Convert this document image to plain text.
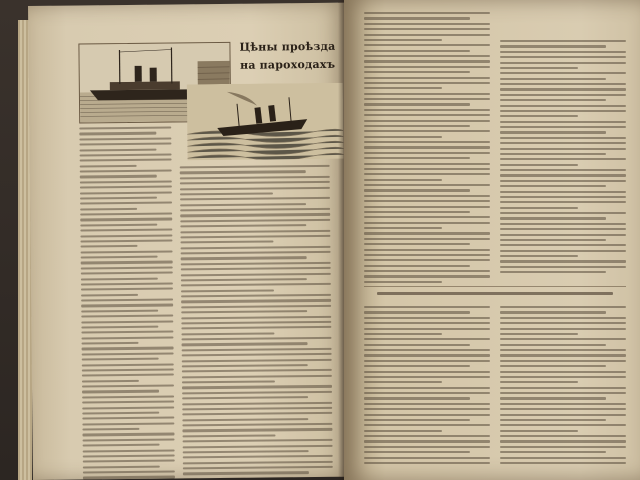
Цѣны проѣзда на пароходахъ
